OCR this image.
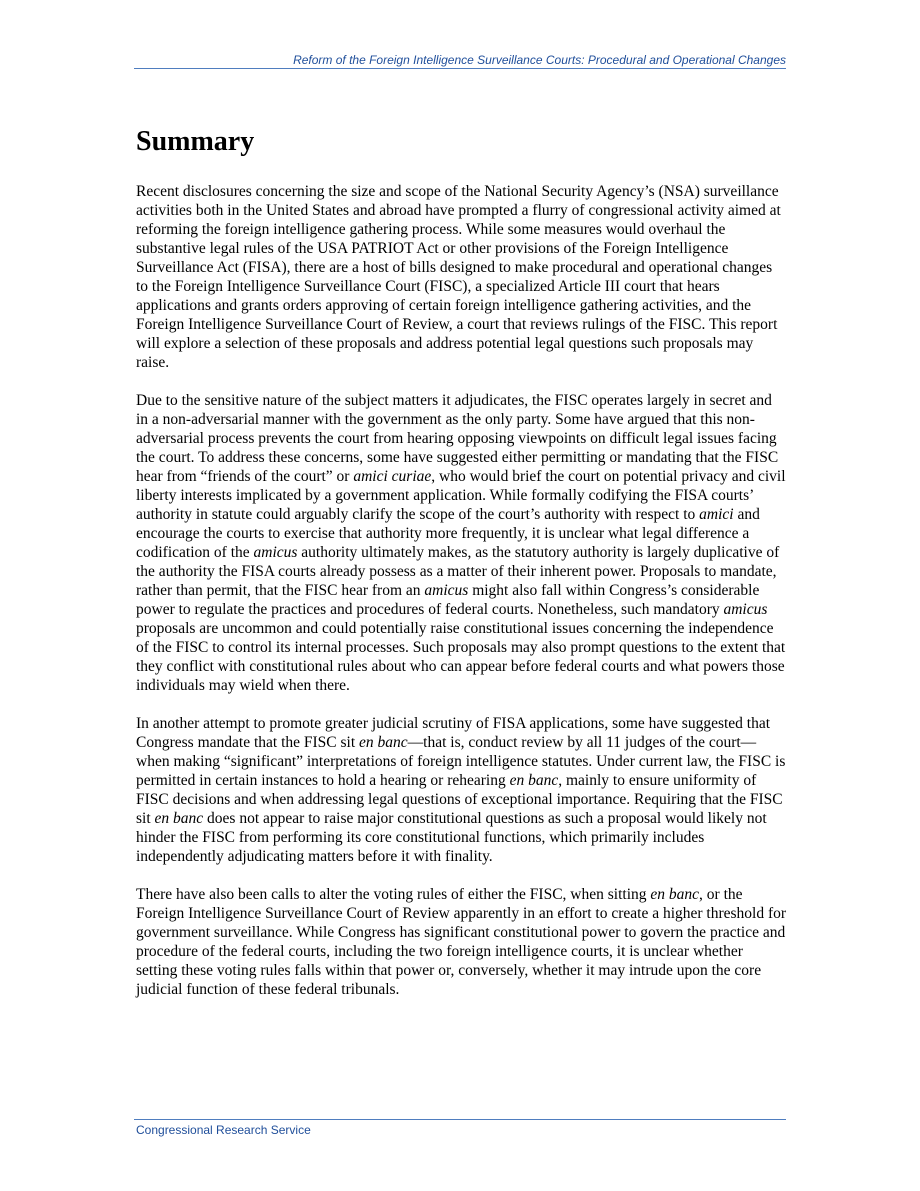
Reform of the Foreign Intelligence Surveillance Courts: Procedural and Operational Changes
Summary

Recent disclosures concerning the size and scope of the National Security Agency’s (NSA) surveillance activities both in the United States and abroad have prompted a flurry of congressional activity aimed at reforming the foreign intelligence gathering process. While some measures would overhaul the substantive legal rules of the USA PATRIOT Act or other provisions of the Foreign Intelligence Surveillance Act (FISA), there are a host of bills designed to make procedural and operational changes to the Foreign Intelligence Surveillance Court (FISC), a specialized Article III court that hears applications and grants orders approving of certain foreign intelligence gathering activities, and the Foreign Intelligence Surveillance Court of Review, a court that reviews rulings of the FISC. This report will explore a selection of these proposals and address potential legal questions such proposals may raise.

Due to the sensitive nature of the subject matters it adjudicates, the FISC operates largely in secret and in a non-adversarial manner with the government as the only party. Some have argued that this non-adversarial process prevents the court from hearing opposing viewpoints on difficult legal issues facing the court. To address these concerns, some have suggested either permitting or mandating that the FISC hear from “friends of the court” or amici curiae, who would brief the court on potential privacy and civil liberty interests implicated by a government application. While formally codifying the FISA courts’ authority in statute could arguably clarify the scope of the court’s authority with respect to amici and encourage the courts to exercise that authority more frequently, it is unclear what legal difference a codification of the amicus authority ultimately makes, as the statutory authority is largely duplicative of the authority the FISA courts already possess as a matter of their inherent power. Proposals to mandate, rather than permit, that the FISC hear from an amicus might also fall within Congress’s considerable power to regulate the practices and procedures of federal courts. Nonetheless, such mandatory amicus proposals are uncommon and could potentially raise constitutional issues concerning the independence of the FISC to control its internal processes. Such proposals may also prompt questions to the extent that they conflict with constitutional rules about who can appear before federal courts and what powers those individuals may wield when there.

In another attempt to promote greater judicial scrutiny of FISA applications, some have suggested that Congress mandate that the FISC sit en banc—that is, conduct review by all 11 judges of the court—when making “significant” interpretations of foreign intelligence statutes. Under current law, the FISC is permitted in certain instances to hold a hearing or rehearing en banc, mainly to ensure uniformity of FISC decisions and when addressing legal questions of exceptional importance. Requiring that the FISC sit en banc does not appear to raise major constitutional questions as such a proposal would likely not hinder the FISC from performing its core constitutional functions, which primarily includes independently adjudicating matters before it with finality.

There have also been calls to alter the voting rules of either the FISC, when sitting en banc, or the Foreign Intelligence Surveillance Court of Review apparently in an effort to create a higher threshold for government surveillance. While Congress has significant constitutional power to govern the practice and procedure of the federal courts, including the two foreign intelligence courts, it is unclear whether setting these voting rules falls within that power or, conversely, whether it may intrude upon the core judicial function of these federal tribunals.

Congressional Research Service
